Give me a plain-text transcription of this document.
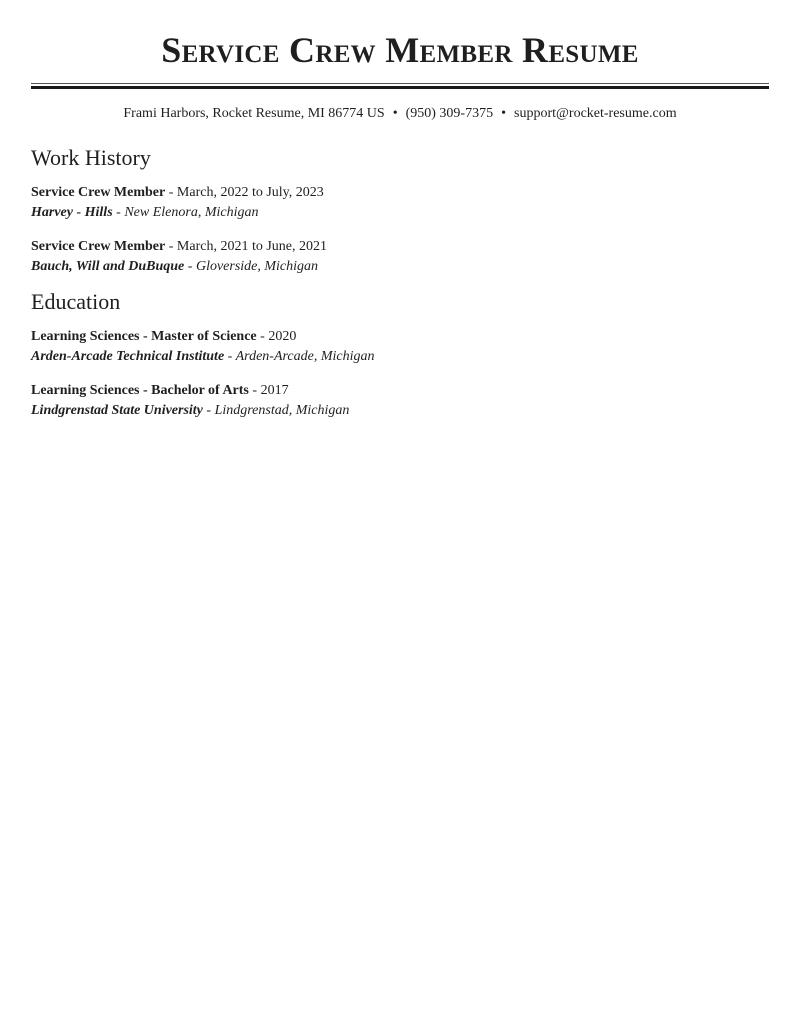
Service Crew Member Resume
Frami Harbors, Rocket Resume, MI 86774 US • (950) 309-7375 • support@rocket-resume.com
Work History
Service Crew Member - March, 2022 to July, 2023
Harvey - Hills - New Elenora, Michigan
Service Crew Member - March, 2021 to June, 2021
Bauch, Will and DuBuque - Gloverside, Michigan
Education
Learning Sciences - Master of Science - 2020
Arden-Arcade Technical Institute - Arden-Arcade, Michigan
Learning Sciences - Bachelor of Arts - 2017
Lindgrenstad State University - Lindgrenstad, Michigan
